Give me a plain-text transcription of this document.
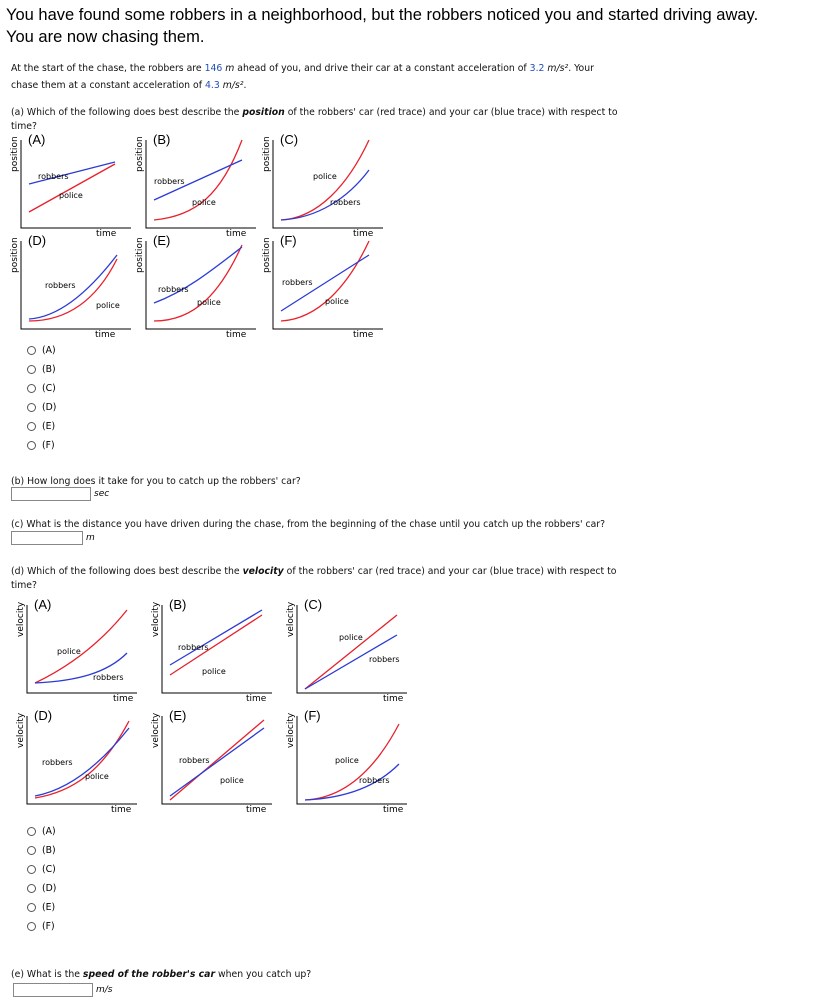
You have found some robbers in a neighborhood, but the robbers noticed you and started driving away.

You are now chasing them.

At the start of the chase, the robbers are 146 m ahead of you, and drive their car at a constant acceleration of 3.2 m/s². Your
chase them at a constant acceleration of 4.3 m/s².
(a) Which of the following does best describe the position of the robbers' car (red trace) and your car (blue trace) with respect to
time?
(A)
position
time
robbers
police
(B)
position
time
robbers
police
(C)
position
time
police
robbers
(D)
position
time
robbers
police
(E)
position
time
robbers
police
(F)
position
time
robbers
police
(A)
(B)
(C)
(D)
(E)
(F)
(b) How long does it take for you to catch up the robbers' car?
sec
(c) What is the distance you have driven during the chase, from the beginning of the chase until you catch up the robbers' car?
m
(d) Which of the following does best describe the velocity of the robbers' car (red trace) and your car (blue trace) with respect to
time?
(A)
velocity
time
police
robbers
(B)
velocity
time
robbers
police
(C)
velocity
time
police
robbers
(D)
velocity
time
robbers
police
(E)
velocity
time
robbers
police
(F)
velocity
time
police
robbers
(A)
(B)
(C)
(D)
(E)
(F)
(e) What is the speed of the robber's car when you catch up?
m/s
